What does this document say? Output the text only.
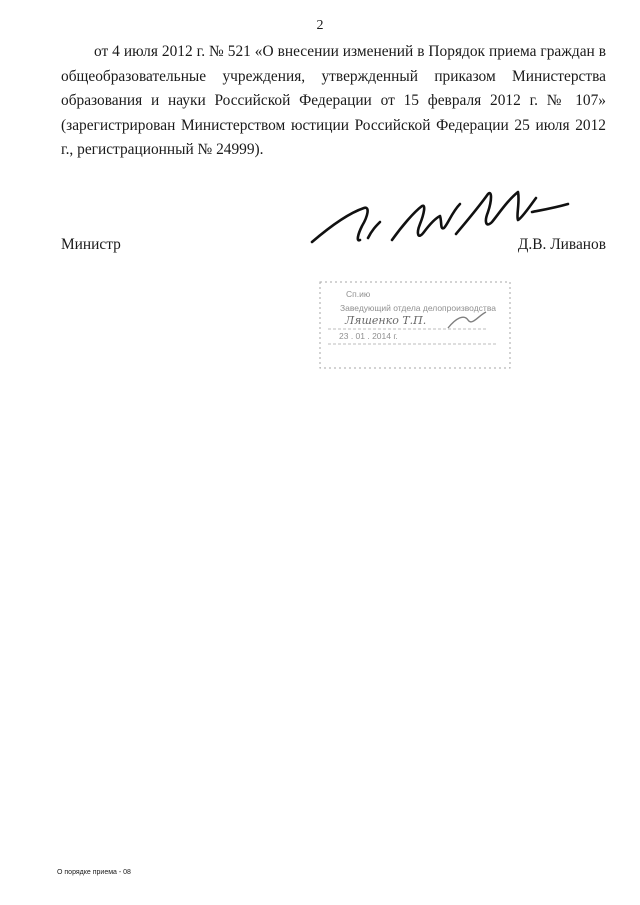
2

от 4 июля 2012 г. № 521 «О внесении изменений в Порядок приема граждан в общеобразовательные учреждения, утвержденный приказом Министерства образования и науки Российской Федерации от 15 февраля 2012 г. № 107» (зарегистрирован Министерством юстиции Российской Федерации 25 июля 2012 г., регистрационный № 24999).

Министр	Д.В. Ливанов
Сп.ию
Заведующий отдела делопроизводства
Ляшенко Т.П.
23 . 01 . 2014 г.
О порядке приема - 08
